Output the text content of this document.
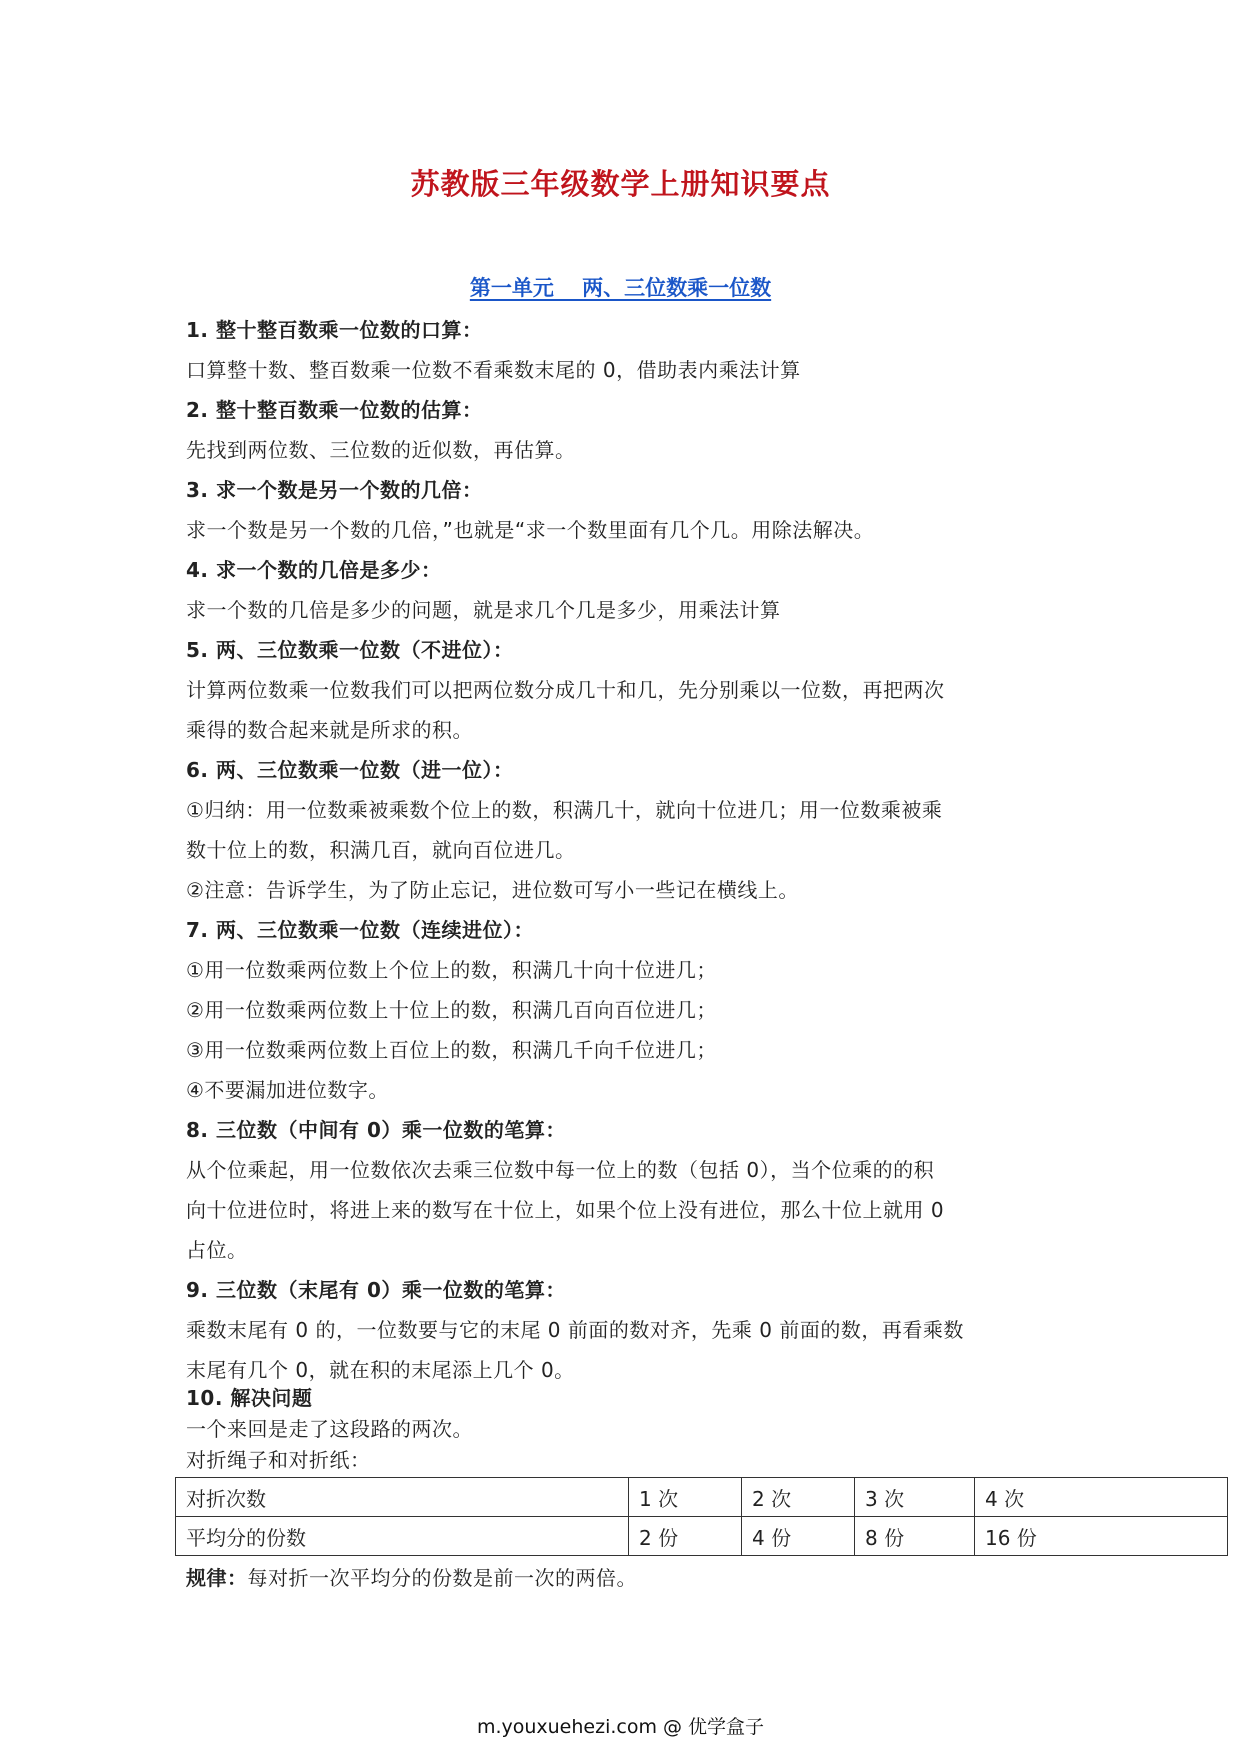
苏教版三年级数学上册知识要点
第一单元　 两、三位数乘一位数
1. 整十整百数乘一位数的口算：
口算整十数、整百数乘一位数不看乘数末尾的 0，借助表内乘法计算
2. 整十整百数乘一位数的估算：
先找到两位数、三位数的近似数，再估算。
3. 求一个数是另一个数的几倍：
求一个数是另一个数的几倍，”也就是“求一个数里面有几个几。用除法解决。
4. 求一个数的几倍是多少：
求一个数的几倍是多少的问题，就是求几个几是多少，用乘法计算
5. 两、三位数乘一位数（不进位）：
计算两位数乘一位数我们可以把两位数分成几十和几，先分别乘以一位数，再把两次
乘得的数合起来就是所求的积。
6. 两、三位数乘一位数（进一位）：
①归纳：用一位数乘被乘数个位上的数，积满几十，就向十位进几；用一位数乘被乘
数十位上的数，积满几百，就向百位进几。
②注意：告诉学生，为了防止忘记，进位数可写小一些记在横线上。
7. 两、三位数乘一位数（连续进位）：
①用一位数乘两位数上个位上的数，积满几十向十位进几；
②用一位数乘两位数上十位上的数，积满几百向百位进几；
③用一位数乘两位数上百位上的数，积满几千向千位进几；
④不要漏加进位数字。
8. 三位数（中间有 0）乘一位数的笔算：
从个位乘起，用一位数依次去乘三位数中每一位上的数（包括 0），当个位乘的的积
向十位进位时，将进上来的数写在十位上，如果个位上没有进位，那么十位上就用 0
占位。
9. 三位数（末尾有 0）乘一位数的笔算：
乘数末尾有 0 的，一位数要与它的末尾 0 前面的数对齐，先乘 0 前面的数，再看乘数
末尾有几个 0，就在积的末尾添上几个 0。
10. 解决问题
一个来回是走了这段路的两次。
对折绳子和对折纸：
对折次数	1 次	2 次	3 次	4 次
平均分的份数	2 份	4 份	8 份	16 份
规律：每对折一次平均分的份数是前一次的两倍。
m.youxuehezi.com @ 优学盒子
